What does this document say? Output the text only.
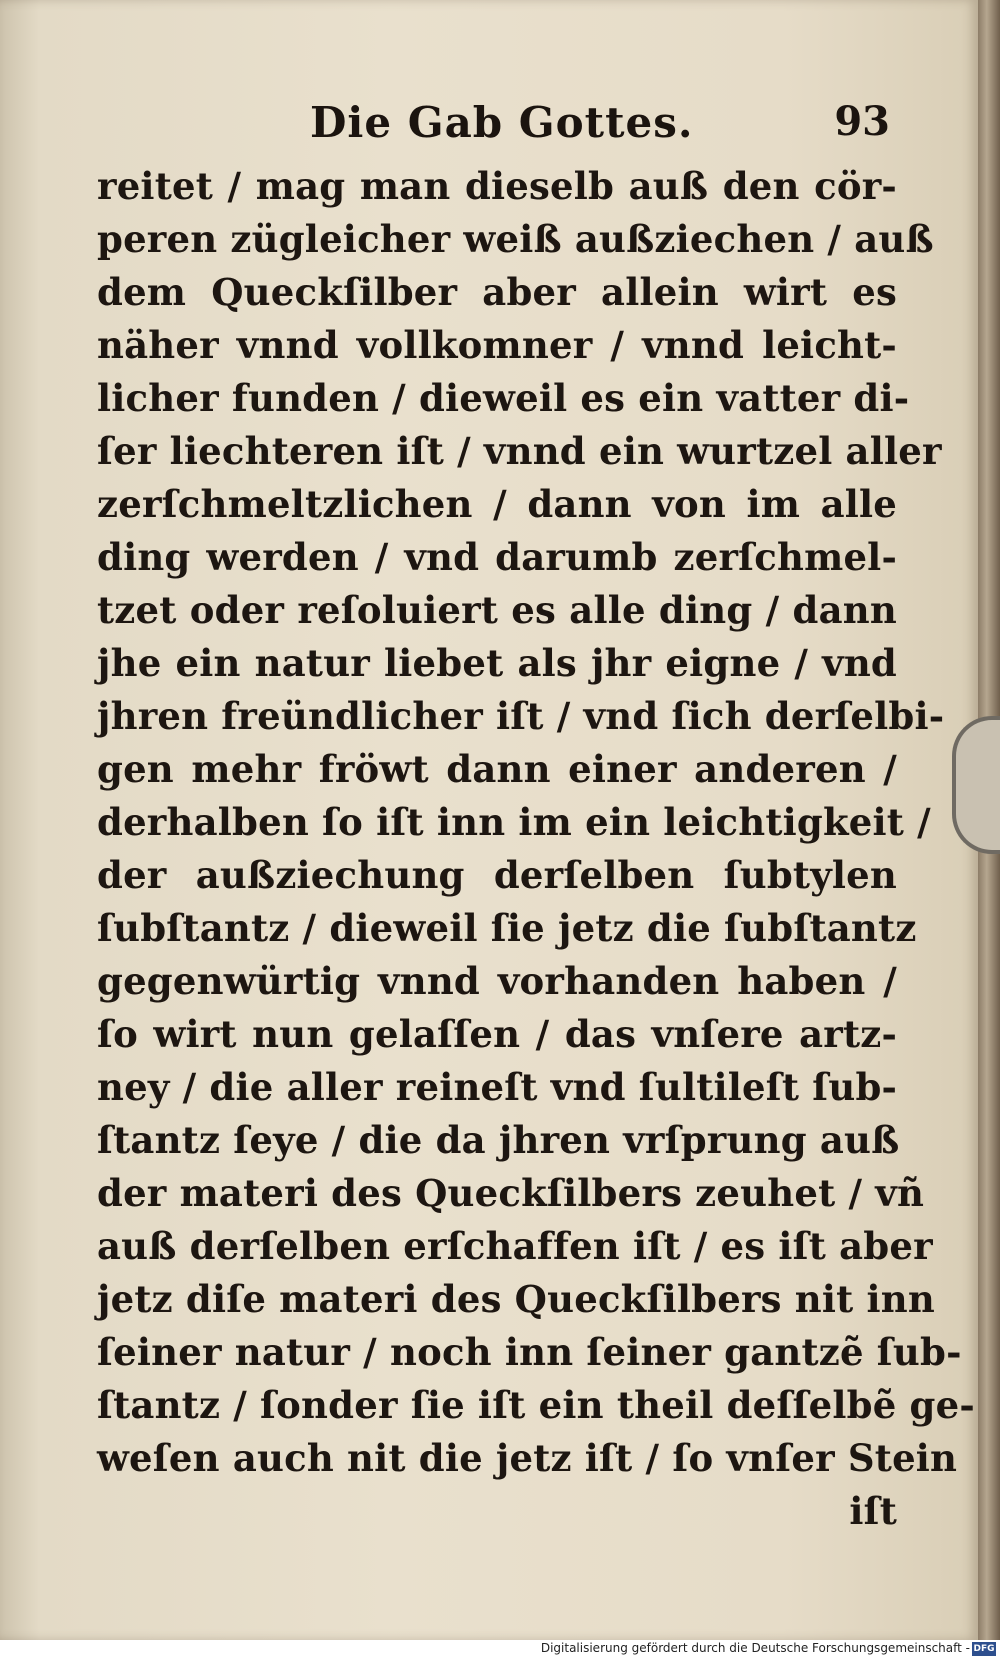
Die Gab Gottes.	93
reitet / mag man dieselb auß den cör-
peren zügleicher weiß außziechen / auß
dem Queckſilber aber allein wirt es
näher vnnd vollkomner / vnnd leicht-
licher funden / dieweil es ein vatter di-
ſer liechteren iſt / vnnd ein wurtzel aller
zerſchmeltzlichen / dann von im alle
ding werden / vnd darumb zerſchmel-
tzet oder reſoluiert es alle ding / dann
jhe ein natur liebet als jhr eigne / vnd
jhren freündlicher iſt / vnd ſich derſelbi-
gen mehr fröwt dann einer anderen /
derhalben ſo iſt inn im ein leichtigkeit /
der außziechung derſelben ſubtylen
ſubſtantz / dieweil ſie jetz die ſubſtantz
gegenwürtig vnnd vorhanden haben /
ſo wirt nun gelaſſen / das vnſere artz-
ney / die aller reineſt vnd ſultileſt ſub-
ſtantz ſeye / die da jhren vrſprung auß
der materi des Queckſilbers zeuhet / vñ
auß derſelben erſchaffen iſt / es iſt aber
jetz diſe materi des Queckſilbers nit inn
ſeiner natur / noch inn ſeiner gantzẽ ſub-
ſtantz / ſonder ſie iſt ein theil deſſelbẽ ge-
weſen auch nit die jetz iſt / ſo vnſer Stein
iſt
Digitalisierung gefördert durch die Deutsche Forschungsgemeinschaft - DFG
